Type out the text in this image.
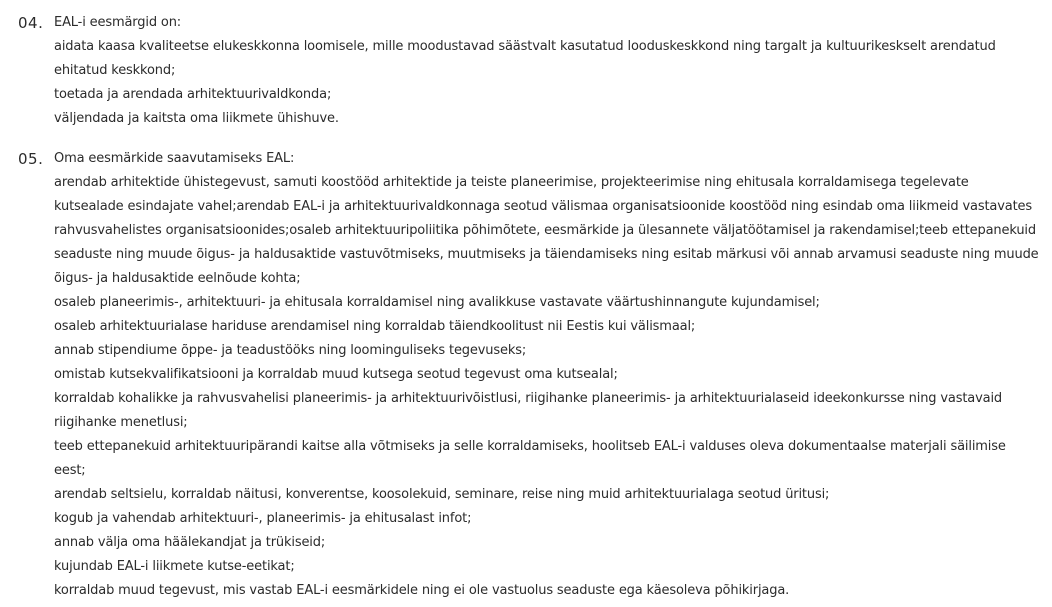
04. EAL-i eesmärgid on:

aidata kaasa kvaliteetse elukeskkonna loomisele, mille moodustavad säästvalt kasutatud looduskeskkond ning targalt ja kultuurikeskselt arendatud ehitatud keskkond;
toetada ja arendada arhitektuurivaldkonda;
väljendada ja kaitsta oma liikmete ühishuve.
05. Oma eesmärkide saavutamiseks EAL:

arendab arhitektide ühistegevust, samuti koostööd arhitektide ja teiste planeerimise, projekteerimise ning ehitusala korraldamisega tegelevate kutsealade esindajate vahel;arendab EAL-i ja arhitektuurivaldkonnaga seotud välismaa organisatsioonide koostööd ning esindab oma liikmeid vastavates rahvusvahelistes organisatsioonides;osaleb arhitektuuripoliitika põhimõtete, eesmärkide ja ülesannete väljatöötamisel ja rakendamisel;teeb ettepanekuid seaduste ning muude õigus- ja haldusaktide vastuvõtmiseks, muutmiseks ja täiendamiseks ning esitab märkusi või annab arvamusi seaduste ning muude õigus- ja haldusaktide eelnõude kohta;
osaleb planeerimis-, arhitektuuri- ja ehitusala korraldamisel ning avalikkuse vastavate väärtushinnangute kujundamisel;
osaleb arhitektuurialase hariduse arendamisel ning korraldab täiendkoolitust nii Eestis kui välismaal;
annab stipendiume õppe- ja teadustööks ning loominguliseks tegevuseks;
omistab kutsekvalifikatsiooni ja korraldab muud kutsega seotud tegevust oma kutsealal;
korraldab kohalikke ja rahvusvahelisi planeerimis- ja arhitektuurivõistlusi, riigihanke planeerimis- ja arhitektuurialaseid ideekonkursse ning vastavaid riigihanke menetlusi;
teeb ettepanekuid arhitektuuripärandi kaitse alla võtmiseks ja selle korraldamiseks, hoolitseb EAL-i valduses oleva dokumentaalse materjali säilimise eest;
arendab seltsielu, korraldab näitusi, konverentse, koosolekuid, seminare, reise ning muid arhitektuurialaga seotud üritusi;
kogub ja vahendab arhitektuuri-, planeerimis- ja ehitusalast infot;
annab välja oma häälekandjat ja trükiseid;
kujundab EAL-i liikmete kutse-eetikat;
korraldab muud tegevust, mis vastab EAL-i eesmärkidele ning ei ole vastuolus seaduste ega käesoleva põhikirjaga.
